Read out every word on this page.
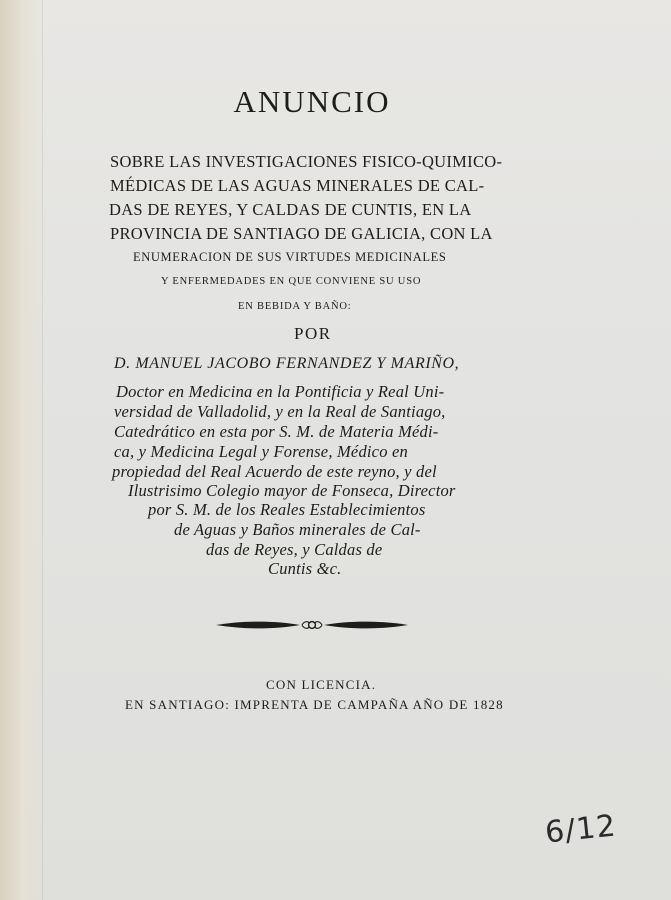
ANUNCIO
SOBRE LAS INVESTIGACIONES FISICO-QUIMICO-
MÉDICAS DE LAS AGUAS MINERALES DE CAL-
DAS DE REYES, Y CALDAS DE CUNTIS, EN LA
PROVINCIA DE SANTIAGO DE GALICIA, CON LA
ENUMERACION DE SUS VIRTUDES MEDICINALES
Y ENFERMEDADES EN QUE CONVIENE SU USO
EN BEBIDA Y BAÑO:
POR
D. MANUEL JACOBO FERNANDEZ Y MARIÑO,
Doctor en Medicina en la Pontificia y Real Uni-
versidad de Valladolid, y en la Real de Santiago,
Catedrático en esta por S. M. de Materia Médi-
ca, y Medicina Legal y Forense, Médico en
propiedad del Real Acuerdo de este reyno, y del
Ilustrisimo Colegio mayor de Fonseca, Director
por S. M. de los Reales Establecimientos
de Aguas y Baños minerales de Cal-
das de Reyes, y Caldas de
Cuntis &c.
CON LICENCIA.
EN SANTIAGO: IMPRENTA DE CAMPAÑA AÑO DE 1828
6/12
